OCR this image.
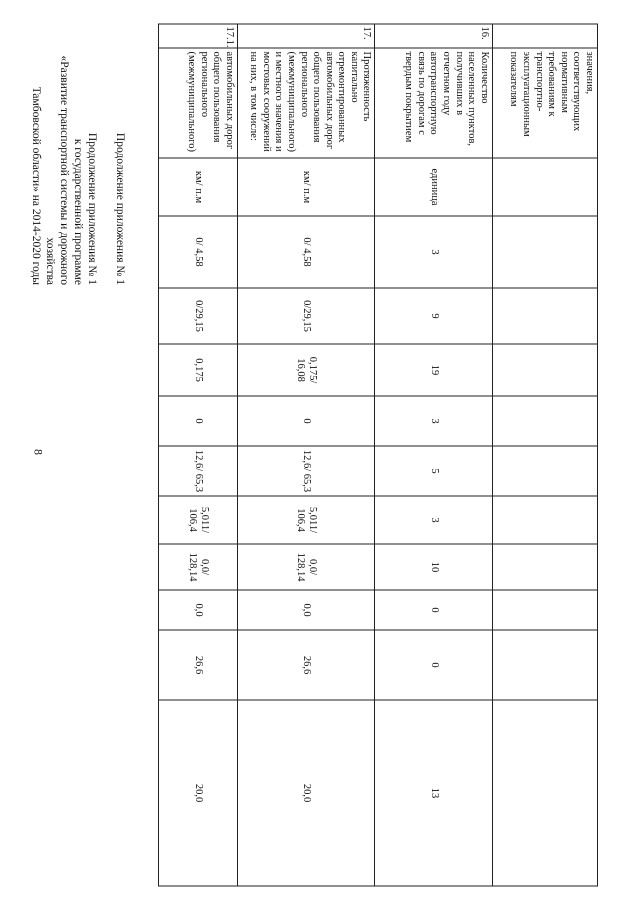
8
Продолжение приложения № 1
Продолжение приложения № 1
к государственной программе
«Развитие транспортной системы и дорожного хозяйства
Тамбовской области» на 2014-2020 годы
	значения, соответствующих нормативным требованиям к транспортно-эксплуатационным показателям											
16.	Количество населенных пунктов, получивших в отчетном году автотранспортную связь по дорогам с твердым покрытием	единица	3	9	19	3	5	3	10	0	0	13
17.	Протяженность капитально отремонтированных автомобильных дорог общего пользования регионального (межмуниципального) и местного значения и мостовых сооружений на них, в том числе:	км/ п.м	0/ 4,58	0/29,15	0,175/ 16,08	0	12,6/ 65,3	5,011/ 106,4	0,0/ 128,14	0,0	26,6	20,0
17.1.	автомобильных дорог общего пользования регионального (межмуниципального)	км/ п.м	0/ 4,58	0/29,15	0,175	0	12,6/ 65,3	5,011/ 106,4	0,0/ 128,14	0,0	26,6	20,0
